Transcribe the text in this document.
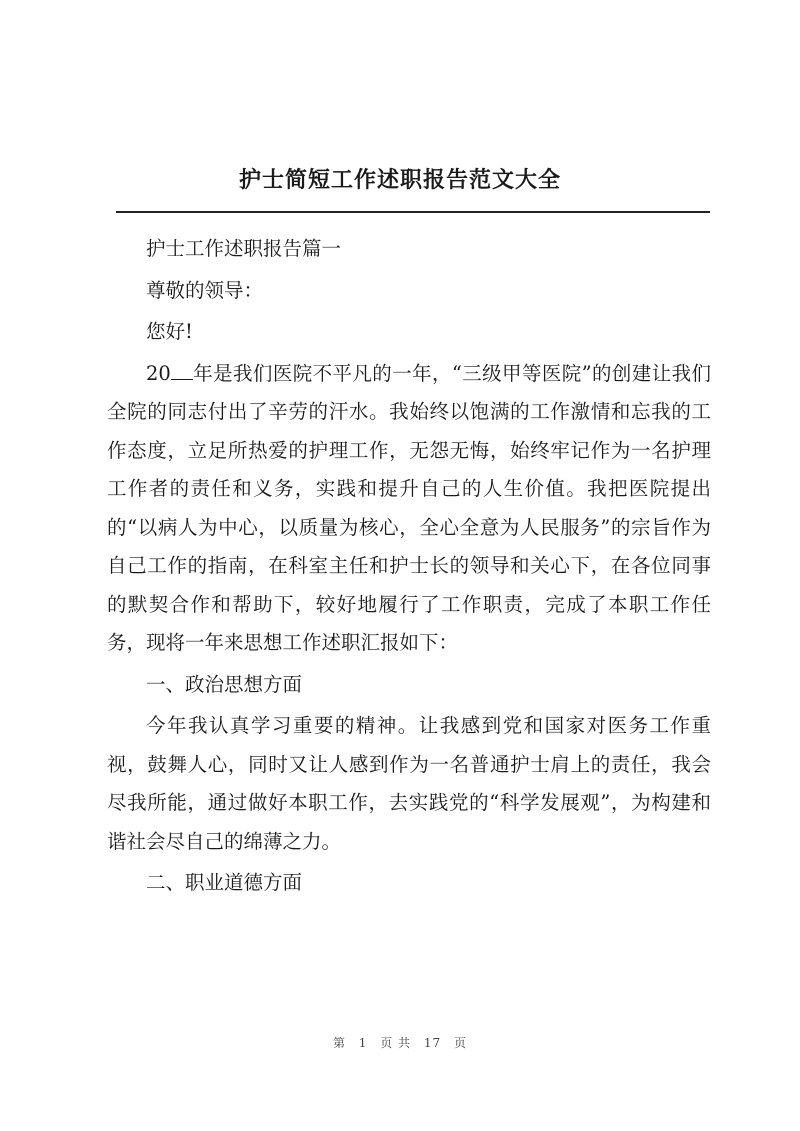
护士简短工作述职报告范文大全

护士工作述职报告篇一

尊敬的领导：

您好!

20 年是我们医院不平凡的一年，“三级甲等医院”的创建让我们全院的同志付出了辛劳的汗水。我始终以饱满的工作激情和忘我的工作态度，立足所热爱的护理工作，无怨无悔，始终牢记作为一名护理工作者的责任和义务，实践和提升自己的人生价值。我把医院提出的“以病人为中心，以质量为核心，全心全意为人民服务”的宗旨作为自己工作的指南，在科室主任和护士长的领导和关心下，在各位同事的默契合作和帮助下，较好地履行了工作职责，完成了本职工作任务，现将一年来思想工作述职汇报如下：

一、政治思想方面

今年我认真学习重要的精神。让我感到党和国家对医务工作重视，鼓舞人心，同时又让人感到作为一名普通护士肩上的责任，我会尽我所能，通过做好本职工作，去实践党的“科学发展观”，为构建和谐社会尽自己的绵薄之力。

二、职业道德方面

第 1 页 共 17 页
